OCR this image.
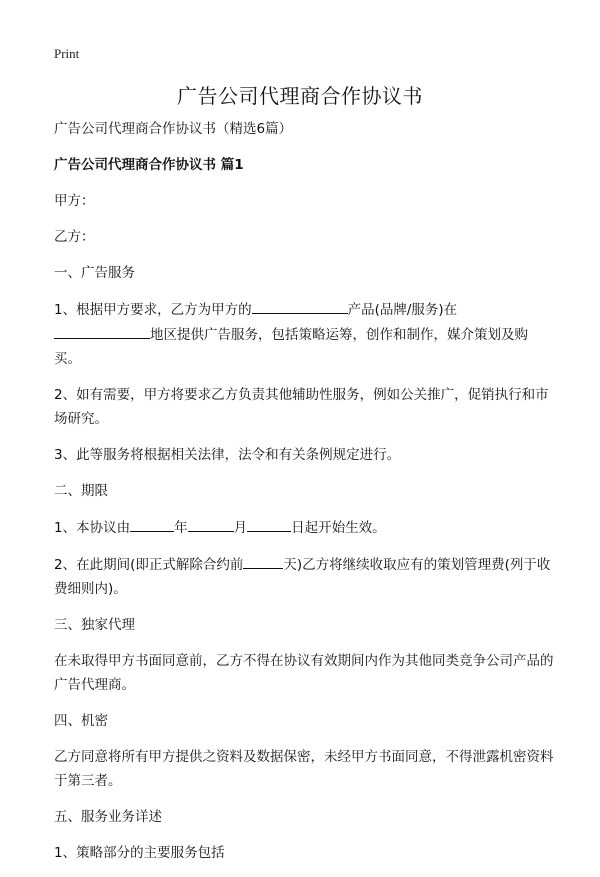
Print
广告公司代理商合作协议书

广告公司代理商合作协议书（精选6篇）

广告公司代理商合作协议书 篇1

甲方：

乙方：

一、广告服务

1、根据甲方要求，乙方为甲方的	产品(品牌/服务)在
地区提供广告服务，包括策略运筹，创作和制作，媒介策划及购买。

2、如有需要，甲方将要求乙方负责其他辅助性服务，例如公关推广，促销执行和市场研究。

3、此等服务将根据相关法律，法令和有关条例规定进行。

二、期限

1、本协议由	年	月	日起开始生效。

2、在此期间(即正式解除合约前	天)乙方将继续收取应有的策划管理费(列于收费细则内)。

三、独家代理

在未取得甲方书面同意前，乙方不得在协议有效期间内作为其他同类竞争公司产品的广告代理商。

四、机密

乙方同意将所有甲方提供之资料及数据保密，未经甲方书面同意，不得泄露机密资料于第三者。

五、服务业务详述

1、策略部分的主要服务包括
